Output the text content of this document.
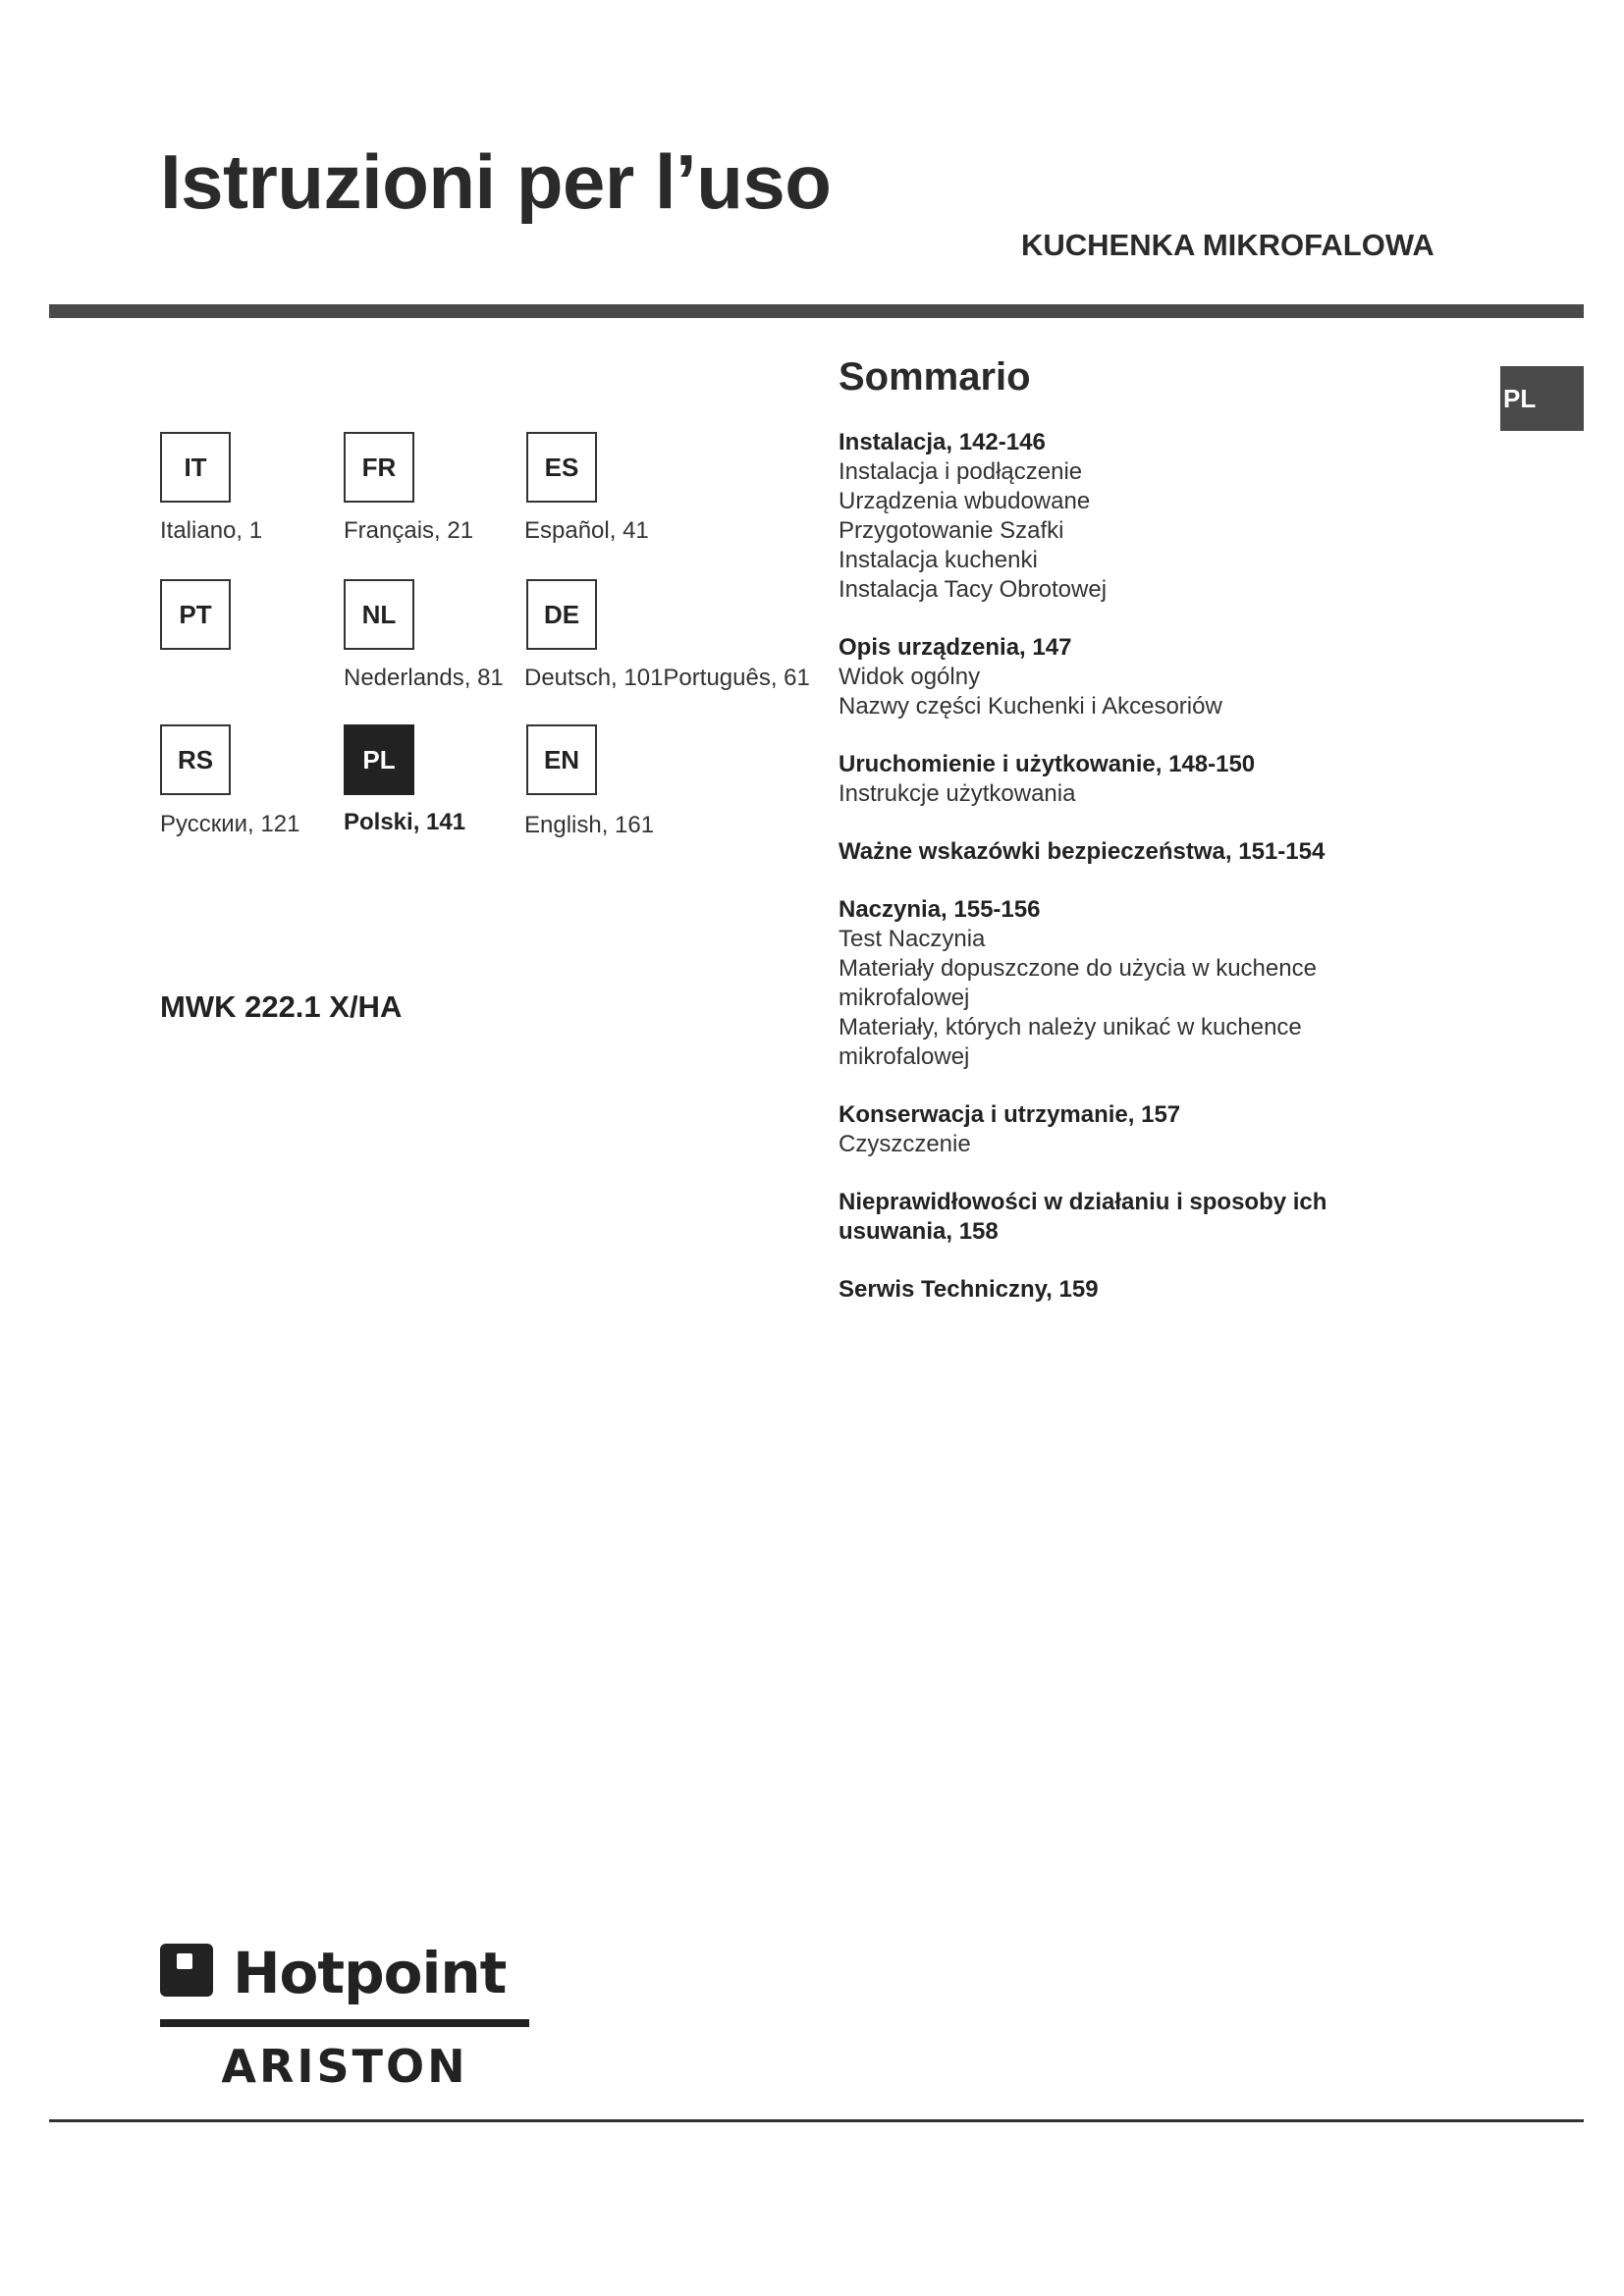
Istruzioni per l’uso
KUCHENKA MIKROFALOWA
IT
Italiano, 1
FR
Français, 21
ES
Español, 41
PT	NL
Nederlands, 81
DE
Deutsch, 101Português, 61
RS
Русскии, 121
PL
Polski, 141
EN
English, 161
MWK 222.1 X/HA
Sommario	PL
Instalacja, 142-146
Instalacja i podłączenie
Urządzenia wbudowane
Przygotowanie Szafki
Instalacja kuchenki
Instalacja Tacy Obrotowej
Opis urządzenia, 147
Widok ogólny
Nazwy części Kuchenki i Akcesoriów
Uruchomienie i użytkowanie, 148-150
Instrukcje użytkowania
Ważne wskazówki bezpieczeństwa, 151-154
Naczynia, 155-156
Test Naczynia
Materiały dopuszczone do użycia w kuchence mikrofalowej
Materiały, których należy unikać w kuchence mikrofalowej
Konserwacja i utrzymanie, 157
Czyszczenie
Nieprawidłowości w działaniu i sposoby ich usuwania, 158
Serwis Techniczny, 159
Hotpoint
ARISTON
